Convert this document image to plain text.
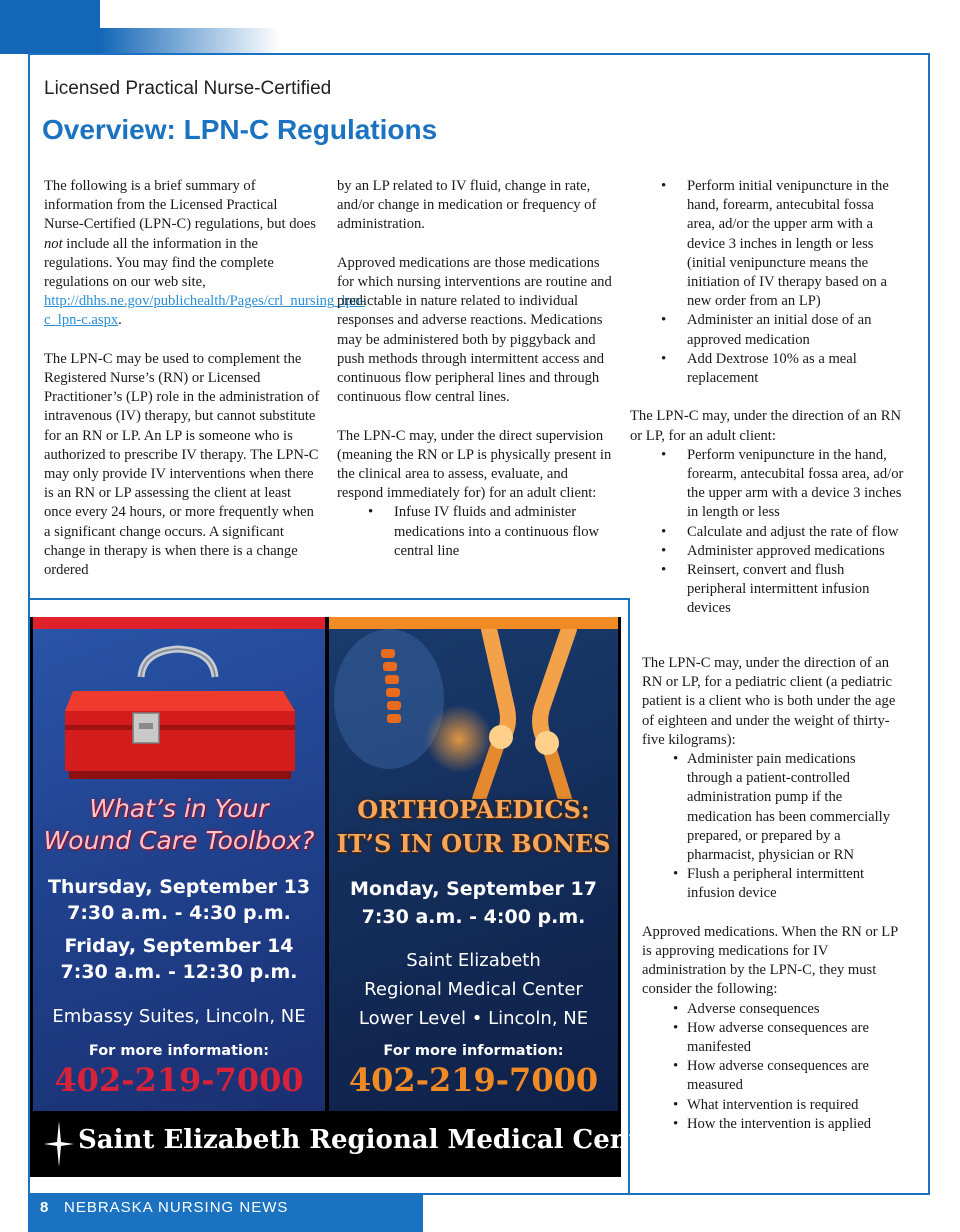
Licensed Practical Nurse-Certified
Overview: LPN-C Regulations

The following is a brief summary of information from the Licensed Practical Nurse-Certified (LPN-C) regulations, but does not include all the information in the regulations. You may find the complete regulations on our web site, http://dhhs.ne.gov/publichealth/Pages/crl_nursing_lpn-c_lpn-c.aspx.

The LPN-C may be used to complement the Registered Nurse’s (RN) or Licensed Practitioner’s (LP) role in the administration of intravenous (IV) therapy, but cannot substitute for an RN or LP. An LP is someone who is authorized to prescribe IV therapy. The LPN-C may only provide IV interventions when there is an RN or LP assessing the client at least once every 24 hours, or more frequently when a significant change occurs. A significant change in therapy is when there is a change ordered

by an LP related to IV fluid, change in rate, and/or change in medication or frequency of administration.

Approved medications are those medications for which nursing interventions are routine and predictable in nature related to individual responses and adverse reactions. Medications may be administered both by piggyback and push methods through intermittent access and continuous flow peripheral lines and through continuous flow central lines.

The LPN-C may, under the direct supervision (meaning the RN or LP is physically present in the clinical area to assess, evaluate, and respond immediately for) for an adult client:

• Infuse IV fluids and administer medications into a continuous flow central line
• Perform initial venipuncture in the hand, forearm, antecubital fossa area, ad/or the upper arm with a device 3 inches in length or less (initial venipuncture means the initiation of IV therapy based on a new order from an LP)
• Administer an initial dose of an approved medication
• Add Dextrose 10% as a meal replacement

The LPN-C may, under the direction of an RN or LP, for an adult client:

• Perform venipuncture in the hand, forearm, antecubital fossa area, ad/or the upper arm with a device 3 inches in length or less
• Calculate and adjust the rate of flow
• Administer approved medications
• Reinsert, convert and flush peripheral intermittent infusion devices

The LPN-C may, under the direction of an RN or LP, for a pediatric client (a pediatric patient is a client who is both under the age of eighteen and under the weight of thirty-five kilograms):

• Administer pain medications through a patient-controlled administration pump if the medication has been commercially prepared, or prepared by a pharmacist, physician or RN
• Flush a peripheral intermittent infusion device

Approved medications. When the RN or LP is approving medications for IV administration by the LPN-C, they must consider the following:

• Adverse consequences
• How adverse consequences are manifested
• How adverse consequences are measured
• What intervention is required
• How the intervention is applied
What’s in Your
Wound Care Toolbox?
Thursday, September 13
7:30 a.m. - 4:30 p.m.
Friday, September 14
7:30 a.m. - 12:30 p.m.
Embassy Suites, Lincoln, NE
For more information:
402-219-7000
ORTHOPAEDICS:
IT’S IN OUR BONES
Monday, September 17
7:30 a.m. - 4:00 p.m.
Saint Elizabeth
Regional Medical Center
Lower Level • Lincoln, NE
For more information:
402-219-7000
Saint Elizabeth Regional Medical Center
8 NEBRASKA NURSING NEWS
